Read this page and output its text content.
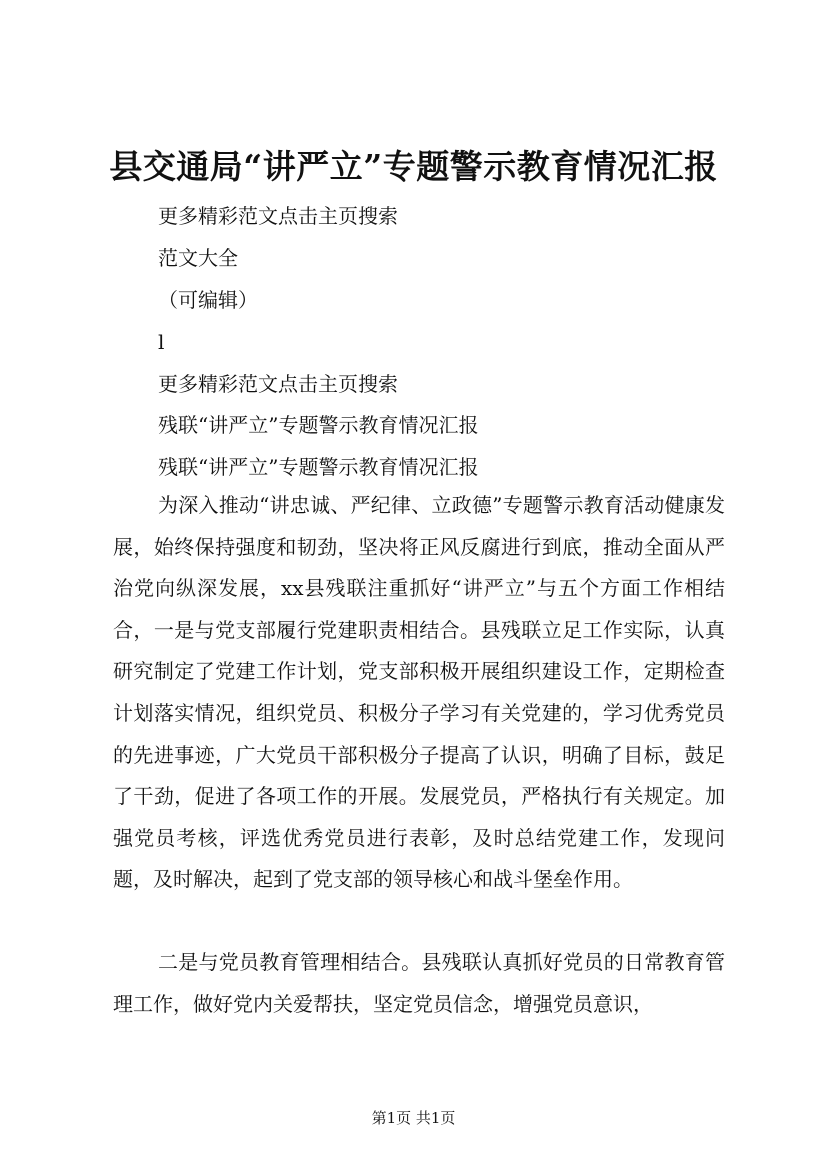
县交通局“讲严立”专题警示教育情况汇报
更多精彩范文点击主页搜索
范文大全
（可编辑）
l
更多精彩范文点击主页搜索
残联“讲严立”专题警示教育情况汇报
残联“讲严立”专题警示教育情况汇报

为深入推动“讲忠诚、严纪律、立政德”专题警示教育活动健康发展，始终保持强度和韧劲，坚决将正风反腐进行到底，推动全面从严治党向纵深发展，xx县残联注重抓好“讲严立”与五个方面工作相结合，一是与党支部履行党建职责相结合。县残联立足工作实际，认真研究制定了党建工作计划，党支部积极开展组织建设工作，定期检查计划落实情况，组织党员、积极分子学习有关党建的，学习优秀党员的先进事迹，广大党员干部积极分子提高了认识，明确了目标，鼓足了干劲，促进了各项工作的开展。发展党员，严格执行有关规定。加强党员考核，评选优秀党员进行表彰，及时总结党建工作，发现问题，及时解决，起到了党支部的领导核心和战斗堡垒作用。

二是与党员教育管理相结合。县残联认真抓好党员的日常教育管理工作，做好党内关爱帮扶，坚定党员信念，增强党员意识，

第1页 共1页
